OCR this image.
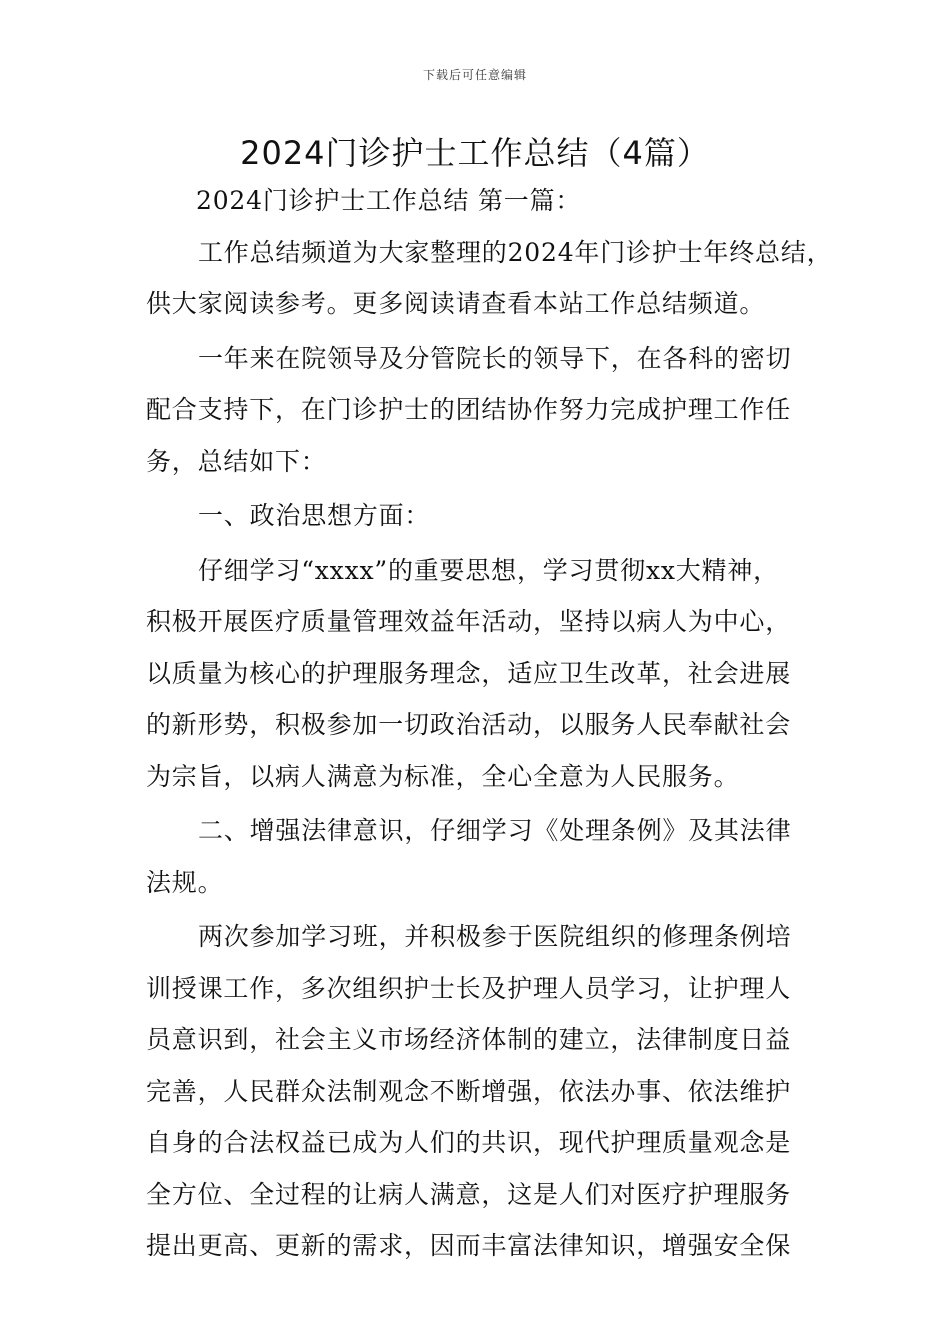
下载后可任意编辑
2024门诊护士工作总结（4篇）
2024门诊护士工作总结 第一篇：
工作总结频道为大家整理的2024年门诊护士年终总结，
供大家阅读参考。更多阅读请查看本站工作总结频道。
一年来在院领导及分管院长的领导下，在各科的密切
配合支持下，在门诊护士的团结协作努力完成护理工作任
务，总结如下：
一、政治思想方面：
仔细学习“xxxx”的重要思想，学习贯彻xx大精神，
积极开展医疗质量管理效益年活动，坚持以病人为中心，
以质量为核心的护理服务理念，适应卫生改革，社会进展
的新形势，积极参加一切政治活动，以服务人民奉献社会
为宗旨，以病人满意为标准，全心全意为人民服务。
二、增强法律意识，仔细学习《处理条例》及其法律
法规。
两次参加学习班，并积极参于医院组织的修理条例培
训授课工作，多次组织护士长及护理人员学习，让护理人
员意识到，社会主义市场经济体制的建立，法律制度日益
完善，人民群众法制观念不断增强，依法办事、依法维护
自身的合法权益已成为人们的共识，现代护理质量观念是
全方位、全过程的让病人满意，这是人们对医疗护理服务
提出更高、更新的需求，因而丰富法律知识，增强安全保
